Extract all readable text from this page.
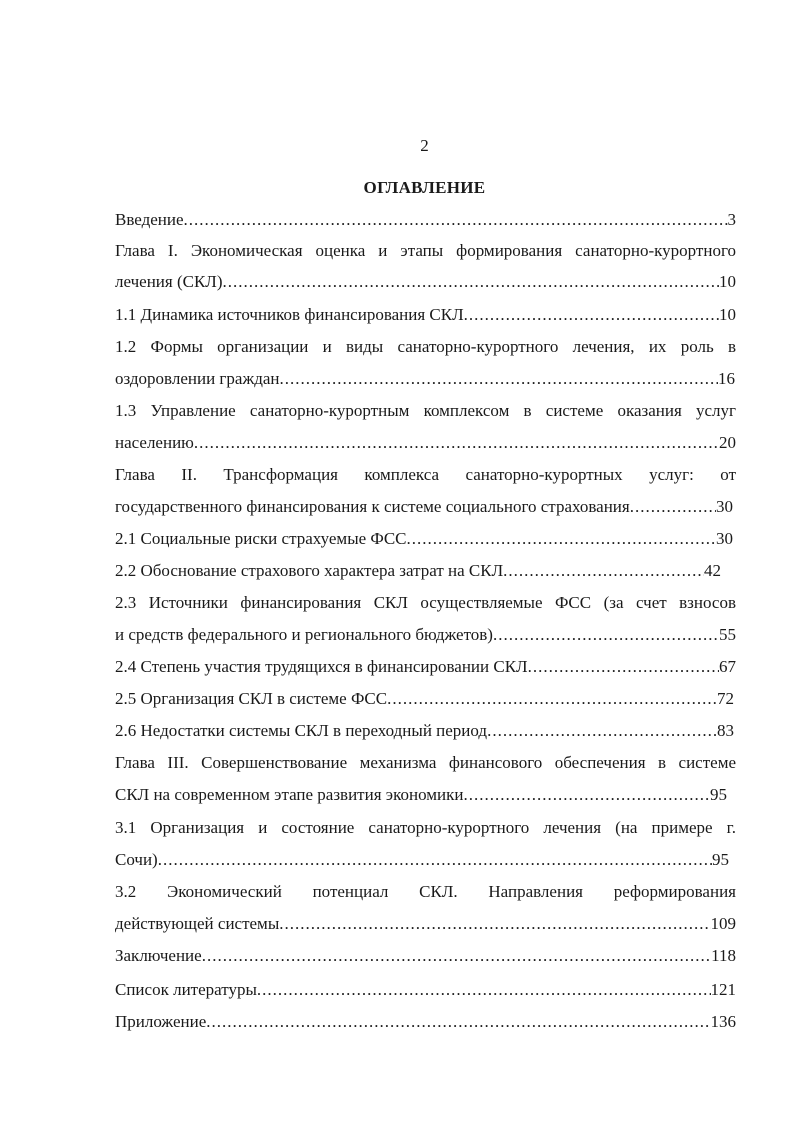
2
ОГЛАВЛЕНИЕ
Введение .....	3
Глава I. Экономическая оценка и этапы формирования санаторно-курортного
лечения (СКЛ) .....	10
1.1 Динамика источников финансирования СКЛ .....	10
1.2 Формы организации и виды санаторно-курортного лечения, их роль в
оздоровлении граждан .....	16
1.3 Управление санаторно-курортным комплексом в системе оказания услуг
населению .....	20
Глава II. Трансформация комплекса санаторно-курортных услуг: от
государственного финансирования к системе социального страхования .....	30
2.1 Социальные риски страхуемые ФСС .....	30
2.2 Обоснование страхового характера затрат на СКЛ .....	42
2.3 Источники финансирования СКЛ осуществляемые ФСС (за счет взносов
и средств федерального и регионального бюджетов) .....	55
2.4 Степень участия трудящихся в финансировании СКЛ .....	67
2.5 Организация СКЛ в системе ФСС .....	72
2.6 Недостатки системы СКЛ в переходный период .....	83
Глава III. Совершенствование механизма финансового обеспечения в системе
СКЛ на современном этапе развития экономики .....	95
3.1 Организация и состояние санаторно-курортного лечения (на примере г.
Сочи) .....	95
3.2 Экономический потенциал СКЛ. Направления реформирования
действующей системы .....	109
Заключение .....	118
Список литературы .....	121
Приложение .....	136
